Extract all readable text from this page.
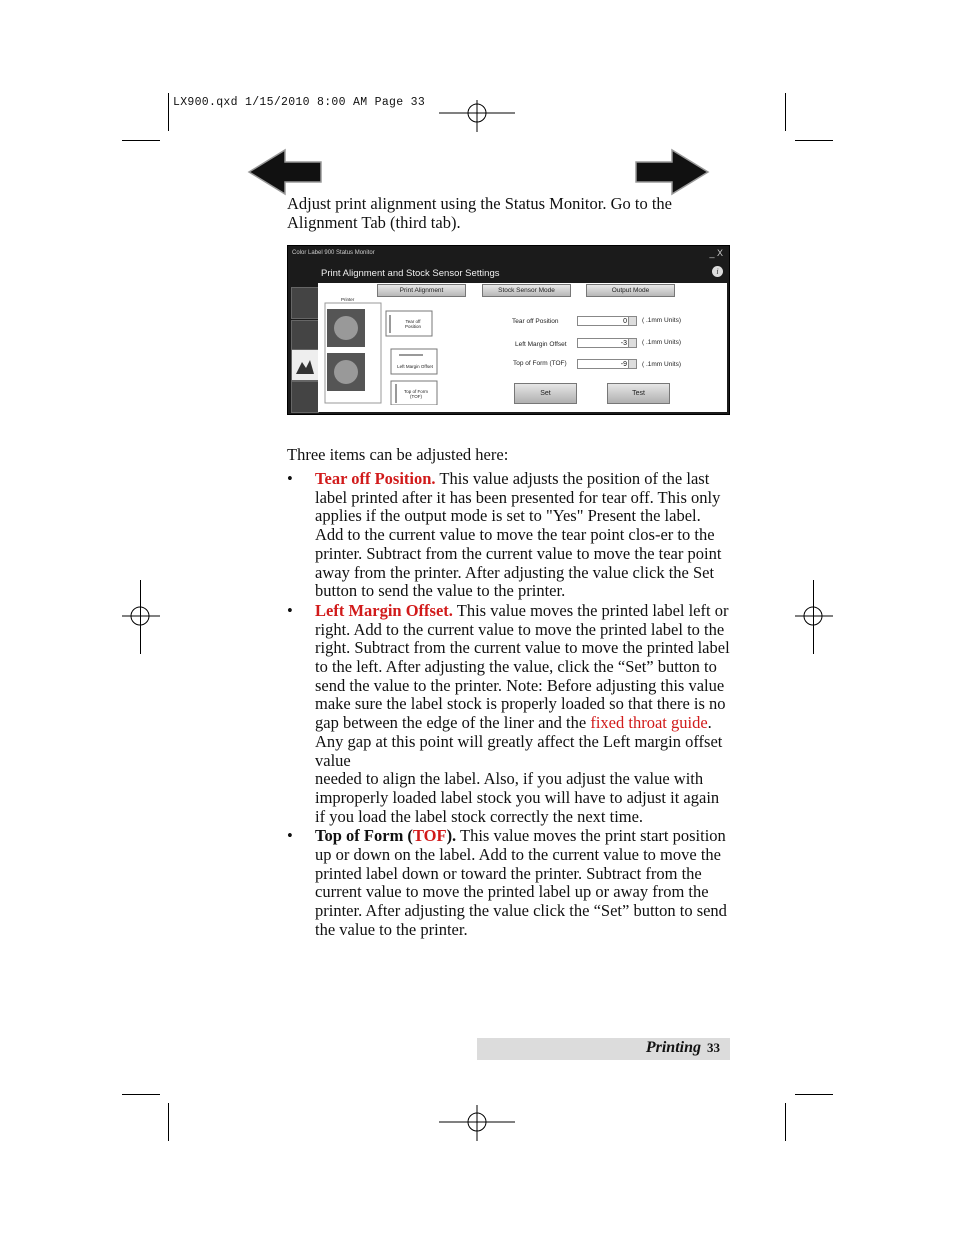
LX900.qxd 1/15/2010 8:00 AM Page 33
Adjust print alignment using the Status Monitor. Go to the Alignment Tab (third tab).
Color Label 900 Status Monitor	_ X
Print Alignment and Stock Sensor Settings	i
Print Alignment	Stock Sensor Mode	Output Mode
Printer
Tear off Position
Left Margin Offset
Top of Form (TOF)
Tear off Position	0	( .1mm Units)
Left Margin Offset	-3	( .1mm Units)
Top of Form (TOF)	-9	( .1mm Units)
Set	Test
Three items can be adjusted here:
• Tear off Position. This value adjusts the position of the last label printed after it has been presented for tear off. This only applies if the output mode is set to "Yes" Present the label. Add to the current value to move the tear point clos-er to the printer. Subtract from the current value to move the tear point away from the printer. After adjusting the value click the Set button to send the value to the printer.
• Left Margin Offset. This value moves the printed label left or right. Add to the current value to move the printed label to the right. Subtract from the current value to move the printed label to the left. After adjusting the value, click the “Set” button to send the value to the printer. Note: Before adjusting this value make sure the label stock is properly loaded so that there is no gap between the edge of the liner and the fixed throat guide. Any gap at this point will greatly affect the Left margin offset value
needed to align the label. Also, if you adjust the value with improperly loaded label stock you will have to adjust it again if you load the label stock correctly the next time.
• Top of Form (TOF). This value moves the print start position up or down on the label. Add to the current value to move the printed label down or toward the printer. Subtract from the current value to move the printed label up or away from the printer. After adjusting the value click the “Set” button to send the value to the printer.
Printing 33
